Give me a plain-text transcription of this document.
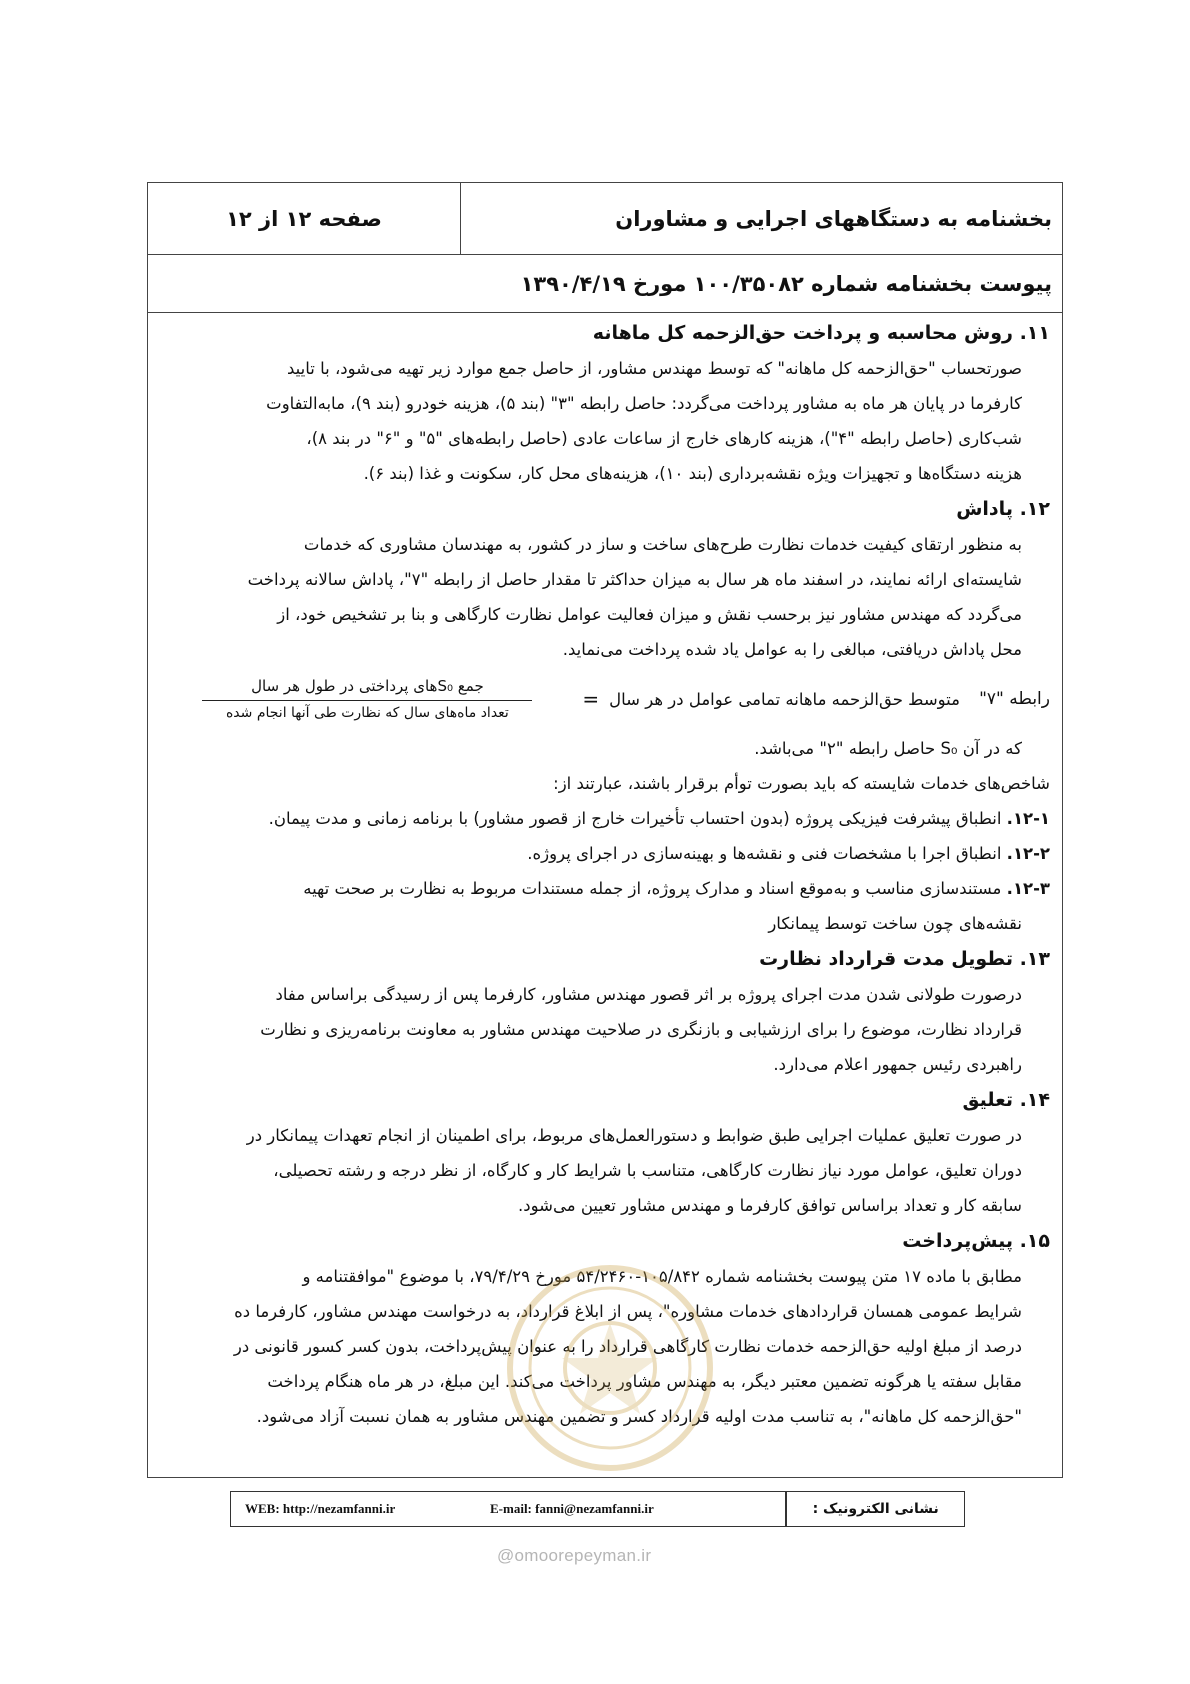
بخشنامه به دستگاههای اجرایی و مشاوران
صفحه ۱۲ از ۱۲
پیوست بخشنامه شماره ۱۰۰/۳۵۰۸۲ مورخ ۱۳۹۰/۴/۱۹
۱۱. روش محاسبه و پرداخت حق‌الزحمه کل ماهانه
صورتحساب "حق‌الزحمه کل ماهانه" که توسط مهندس مشاور، از حاصل جمع موارد زیر تهیه می‌شود، با تایید
کارفرما در پایان هر ماه به مشاور پرداخت می‌گردد: حاصل رابطه "۳" (بند ۵)، هزینه خودرو (بند ۹)، مابه‌التفاوت
شب‌کاری (حاصل رابطه "۴")، هزینه کارهای خارج از ساعات عادی (حاصل رابطه‌های "۵" و "۶" در بند ۸)،
هزینه دستگاه‌ها و تجهیزات ویژه نقشه‌برداری (بند ۱۰)، هزینه‌های محل کار، سکونت و غذا (بند ۶).
۱۲. پاداش
به منظور ارتقای کیفیت خدمات نظارت طرح‌های ساخت و ساز در کشور، به مهندسان مشاوری که خدمات
شایسته‌ای ارائه نمایند، در اسفند ماه هر سال به میزان حداکثر تا مقدار حاصل از رابطه "۷"، پاداش سالانه پرداخت
می‌گردد که مهندس مشاور نیز برحسب نقش و میزان فعالیت عوامل نظارت کارگاهی و بنا بر تشخیص خود، از
محل پاداش دریافتی، مبالغی را به عوامل یاد شده پرداخت می‌نماید.
رابطه "۷"
متوسط حق‌الزحمه ماهانه تمامی عوامل در هر سال
=
$\frac{\text{جمع S₀های پرداختی در طول هر سال}}{\text{تعداد ماه‌های سال که نظارت طی آنها انجام شده}}$
که در آن S₀ حاصل رابطه "۲" می‌باشد.
شاخص‌های خدمات شایسته که باید بصورت توأم برقرار باشند، عبارتند از:
۱۲-۱. انطباق پیشرفت فیزیکی پروژه (بدون احتساب تأخیرات خارج از قصور مشاور) با برنامه زمانی و مدت پیمان.
۱۲-۲. انطباق اجرا با مشخصات فنی و نقشه‌ها و بهینه‌سازی در اجرای پروژه.
۱۲-۳. مستندسازی مناسب و به‌موقع اسناد و مدارک پروژه، از جمله مستندات مربوط به نظارت بر صحت تهیه
نقشه‌های چون ساخت توسط پیمانکار
۱۳. تطویل مدت قرارداد نظارت
درصورت طولانی شدن مدت اجرای پروژه بر اثر قصور مهندس مشاور، کارفرما پس از رسیدگی براساس مفاد
قرارداد نظارت، موضوع را برای ارزشیابی و بازنگری در صلاحیت مهندس مشاور به معاونت برنامه‌ریزی و نظارت
راهبردی رئیس جمهور اعلام می‌دارد.
۱۴. تعلیق
در صورت تعلیق عملیات اجرایی طبق ضوابط و دستورالعمل‌های مربوط، برای اطمینان از انجام تعهدات پیمانکار در
دوران تعلیق، عوامل مورد نیاز نظارت کارگاهی، متناسب با شرایط کار و کارگاه، از نظر درجه و رشته تحصیلی،
سابقه کار و تعداد براساس توافق کارفرما و مهندس مشاور تعیین می‌شود.
۱۵. پیش‌پرداخت
مطابق با ماده ۱۷ متن پیوست بخشنامه شماره ۱۰۵/۸۴۲-۵۴/۲۴۶۰ مورخ ۷۹/۴/۲۹، با موضوع "موافقتنامه و
شرایط عمومی همسان قراردادهای خدمات مشاوره"، پس از ابلاغ قرارداد، به درخواست مهندس مشاور، کارفرما ده
درصد از مبلغ اولیه حق‌الزحمه خدمات نظارت کارگاهی قرارداد را به عنوان پیش‌پرداخت، بدون کسر کسور قانونی در
مقابل سفته یا هرگونه تضمین معتبر دیگر، به مهندس مشاور پرداخت می‌کند. این مبلغ، در هر ماه هنگام پرداخت
"حق‌الزحمه کل ماهانه"، به تناسب مدت اولیه قرارداد کسر و تضمین مهندس مشاور به همان نسبت آزاد می‌شود.
WEB: http://nezamfanni.ir	E-mail: fanni@nezamfanni.ir	نشانی الکترونیک :
@omoorepeyman.ir
